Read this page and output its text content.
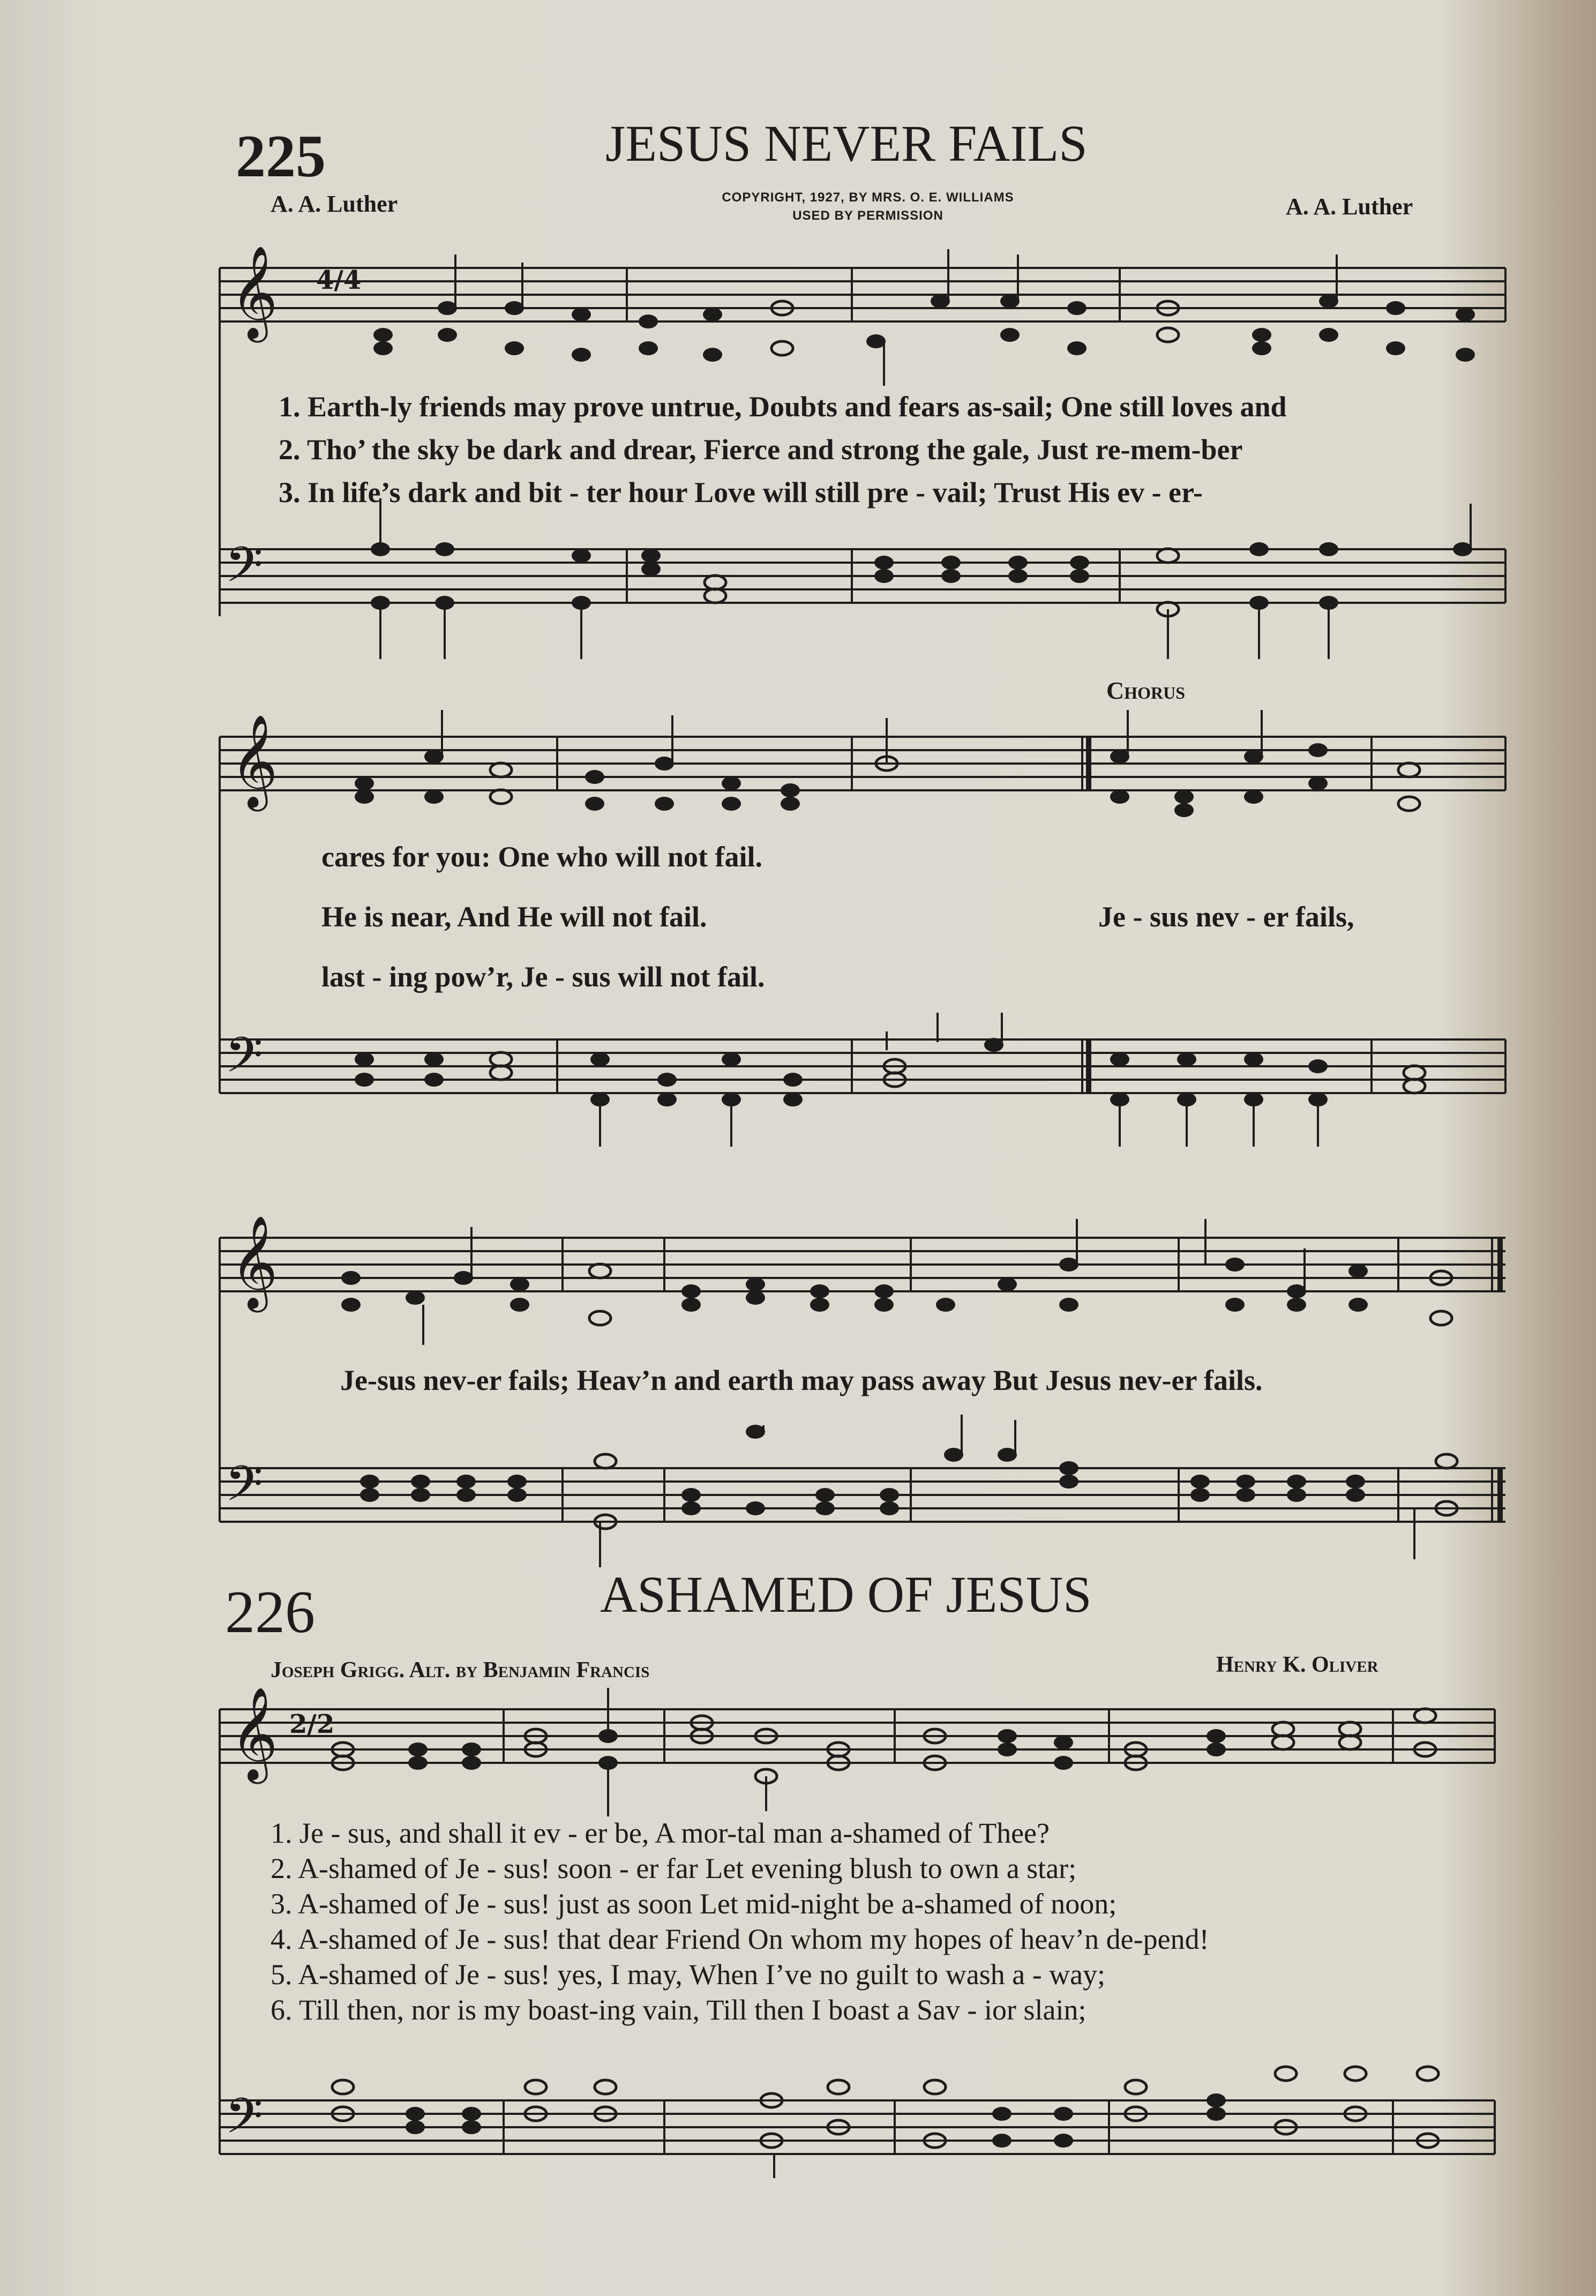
225	JESUS NEVER FAILS
A. A. Luther	A. A. Luther
COPYRIGHT, 1927, BY MRS. O. E. WILLIAMS
USED BY PERMISSION
𝄞 4/4
𝄢
𝄞
𝄢
𝄞
𝄢
𝄞 2/2
𝄢
1. Earth-ly friends may prove untrue, Doubts and fears as-sail; One still loves and
2. Tho’ the sky be dark and drear, Fierce and strong the gale, Just re-mem-ber
3. In life’s dark and bit - ter hour Love will still pre - vail; Trust His ev - er-
Chorus
cares for you: One who will not fail.
He is near, And He will not fail.
last - ing pow’r, Je - sus will not fail.
Je - sus nev - er fails,
Je-sus nev-er fails; Heav’n and earth may pass away But Jesus nev-er fails.
226	ASHAMED OF JESUS
Joseph Grigg. Alt. by Benjamin Francis	Henry K. Oliver
1. Je - sus, and shall it ev - er be, A mor-tal man a-shamed of Thee?
2. A-shamed of Je - sus! soon - er far Let evening blush to own a star;
3. A-shamed of Je - sus! just as soon Let mid-night be a-shamed of noon;
4. A-shamed of Je - sus! that dear Friend On whom my hopes of heav’n de-pend!
5. A-shamed of Je - sus! yes, I may, When I’ve no guilt to wash a - way;
6. Till then, nor is my boast-ing vain, Till then I boast a Sav - ior slain;
